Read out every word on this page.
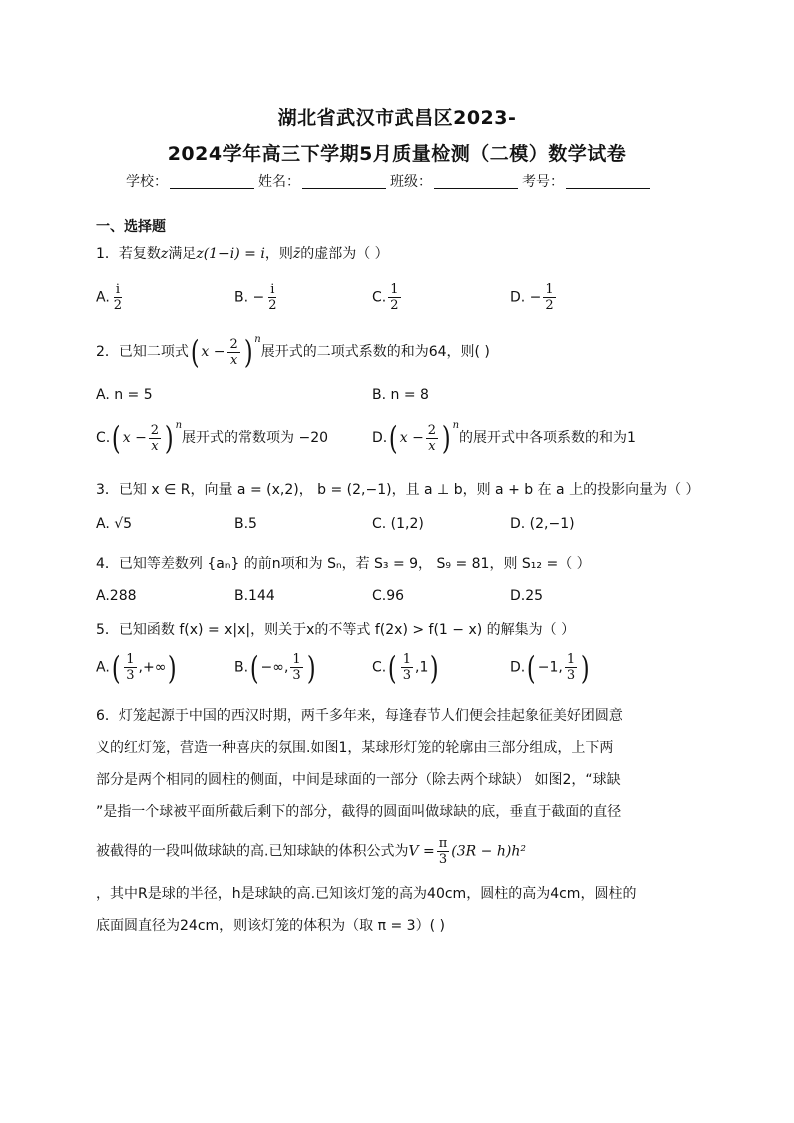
湖北省武汉市武昌区2023-
2024学年高三下学期5月质量检测（二模）数学试卷
学校：	姓名：	班级：	考号：
一、选择题
1．若复数z满足z(1−i) = i，则z̄的虚部为（ ）
A. $\frac{i}{2}$	B. − $\frac{i}{2}$	C. $\frac{1}{2}$	D. − $\frac{1}{2}$
2．已知二项式( $x - \frac{2}{x}$ ) $^n$展开式的二项式系数的和为64，则( )
A. n = 5	B. n = 8
C.( $x - \frac{2}{x}$ ) $^n$展开式的常数项为 −20	D.( $x - \frac{2}{x}$ ) $^n$的展开式中各项系数的和为1
3．已知 x ∈ R，向量 a = (x,2)， b = (2,−1)，且 a ⊥ b，则 a + b 在 a 上的投影向量为（ ）
A. √5	B.5	C. (1,2)	D. (2,−1)
4．已知等差数列 {aₙ} 的前n项和为 Sₙ，若 S₃ = 9， S₉ = 81，则 S₁₂ =（ ）
A.288	B.144	C.96	D.25
5．已知函数 f(x) = x|x|，则关于x的不等式 f(2x) > f(1 − x) 的解集为（ ）
$A.( \frac{1}{3}$ ,+∞)	B.( −∞, $\frac{1}{3}$ )	$C.( \frac{1}{3} ,1)$	D.( −1, $\frac{1}{3}$ )
6．灯笼起源于中国的西汉时期，两千多年来，每逢春节人们便会挂起象征美好团圆意
义的红灯笼，营造一种喜庆的氛围.如图1，某球形灯笼的轮廓由三部分组成，上下两
部分是两个相同的圆柱的侧面，中间是球面的一部分（除去两个球缺） 如图2，“球缺
”是指一个球被平面所截后剩下的部分，截得的圆面叫做球缺的底，垂直于截面的直径
被截得的一段叫做球缺的高.已知球缺的体积公式为$V = \frac{\pi}{3} (3R - h)h^2$
，其中R是球的半径，h是球缺的高.已知该灯笼的高为40cm，圆柱的高为4cm，圆柱的
底面圆直径为24cm，则该灯笼的体积为（取 π = 3）( )
